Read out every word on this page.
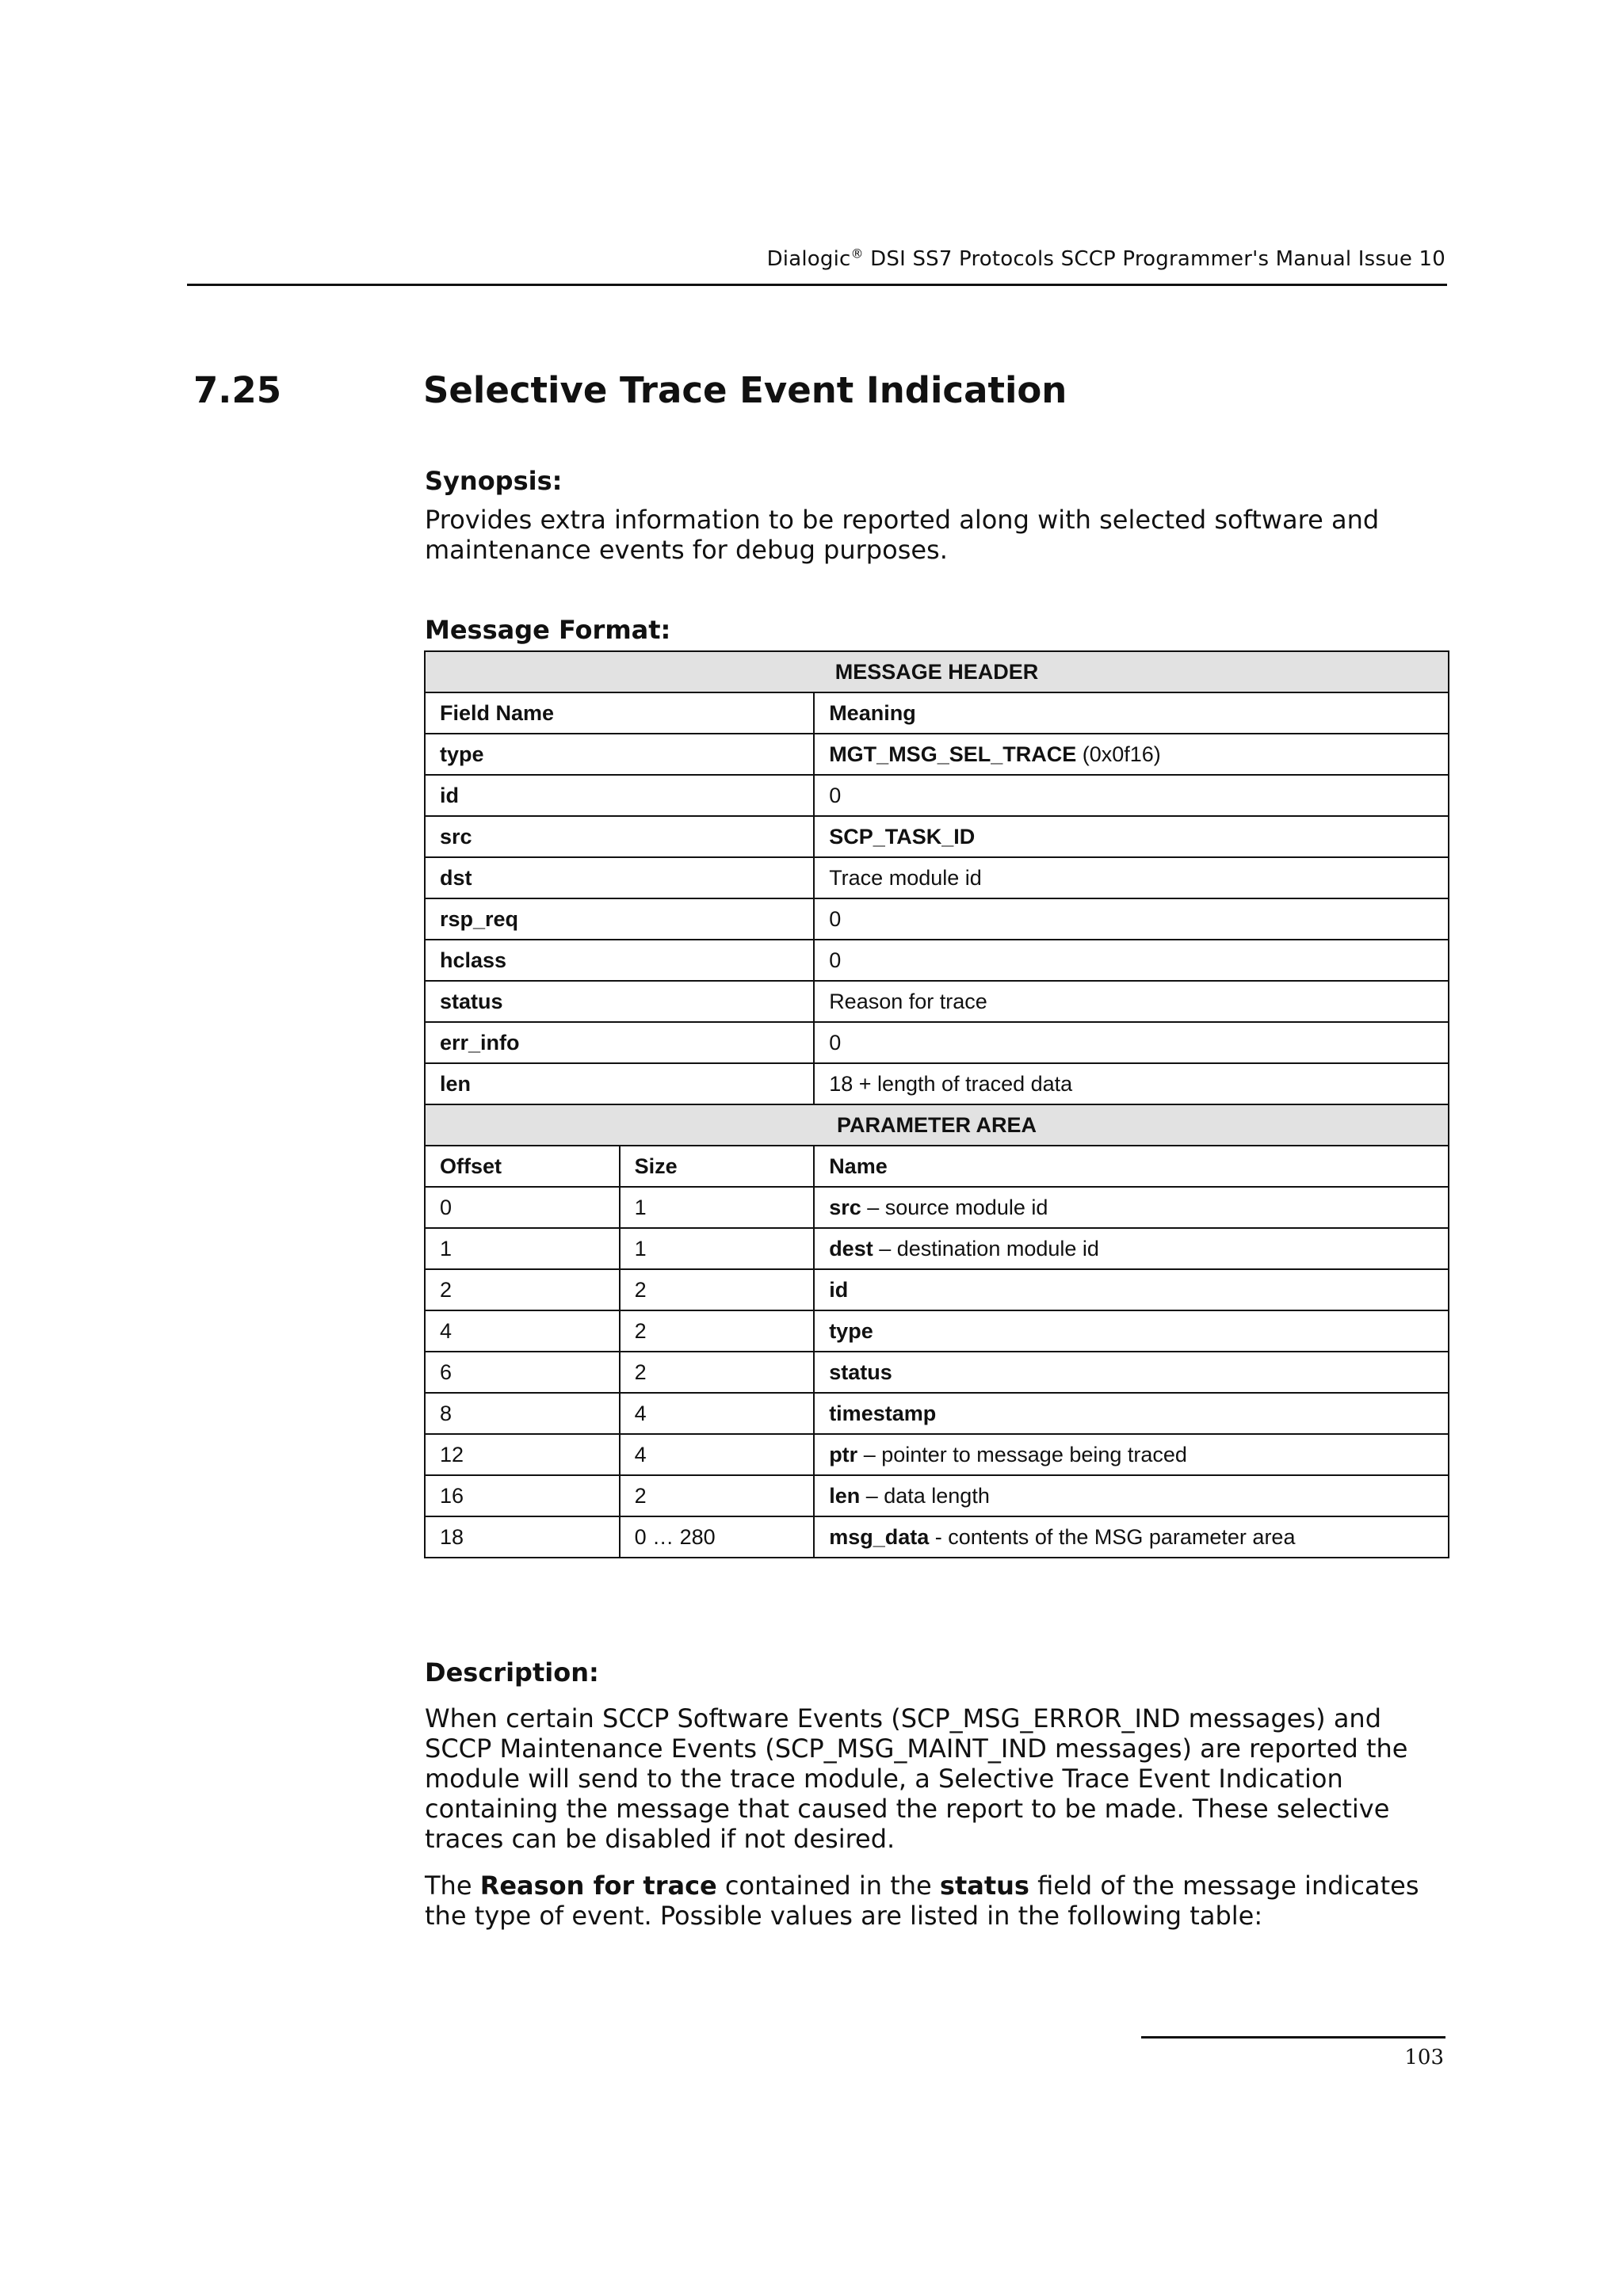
Dialogic® DSI SS7 Protocols SCCP Programmer's Manual Issue 10
7.25	Selective Trace Event Indication
Synopsis:
Provides extra information to be reported along with selected software and maintenance events for debug purposes.
Message Format:
MESSAGE HEADER		
Field Name		Meaning
type		MGT_MSG_SEL_TRACE (0x0f16)
id		0
src		SCP_TASK_ID
dst		Trace module id
rsp_req		0
hclass		0
status		Reason for trace
err_info		0
len		18 + length of traced data
PARAMETER AREA		
Offset	Size	Name
0	1	src – source module id
1	1	dest – destination module id
2	2	id
4	2	type
6	2	status
8	4	timestamp
12	4	ptr – pointer to message being traced
16	2	len – data length
18	0 … 280	msg_data - contents of the MSG parameter area
Description:
When certain SCCP Software Events (SCP_MSG_ERROR_IND messages) and SCCP Maintenance Events (SCP_MSG_MAINT_IND messages) are reported the module will send to the trace module, a Selective Trace Event Indication containing the message that caused the report to be made. These selective traces can be disabled if not desired.
The Reason for trace contained in the status field of the message indicates the type of event. Possible values are listed in the following table:
103
